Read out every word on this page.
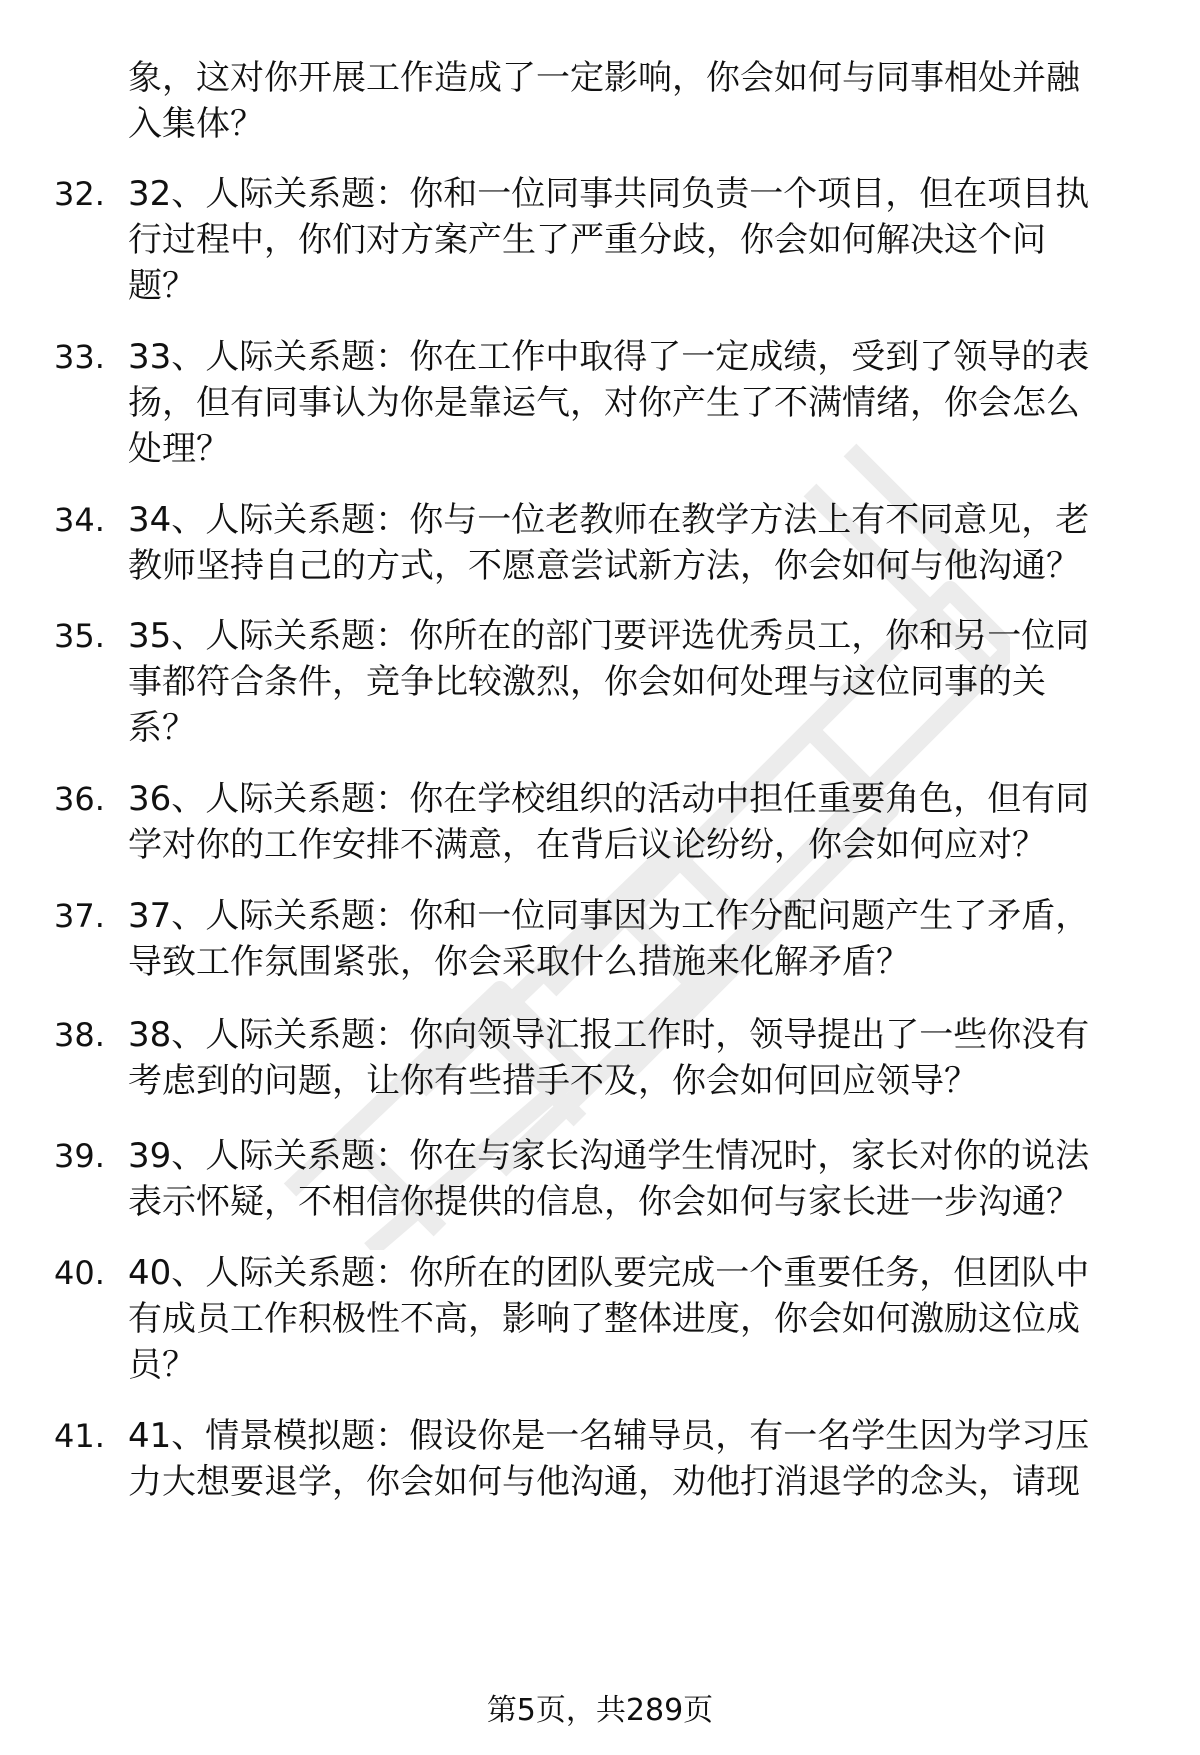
象，这对你开展工作造成了一定影响，你会如何与同事相处并融
入集体？
32. 32、人际关系题：你和一位同事共同负责一个项目，但在项目执
行过程中，你们对方案产生了严重分歧，你会如何解决这个问
题？
33. 33、人际关系题：你在工作中取得了一定成绩，受到了领导的表
扬，但有同事认为你是靠运气，对你产生了不满情绪，你会怎么
处理？
34. 34、人际关系题：你与一位老教师在教学方法上有不同意见，老
教师坚持自己的方式，不愿意尝试新方法，你会如何与他沟通？
35. 35、人际关系题：你所在的部门要评选优秀员工，你和另一位同
事都符合条件，竞争比较激烈，你会如何处理与这位同事的关
系？
36. 36、人际关系题：你在学校组织的活动中担任重要角色，但有同
学对你的工作安排不满意，在背后议论纷纷，你会如何应对？
37. 37、人际关系题：你和一位同事因为工作分配问题产生了矛盾，
导致工作氛围紧张，你会采取什么措施来化解矛盾？
38. 38、人际关系题：你向领导汇报工作时，领导提出了一些你没有
考虑到的问题，让你有些措手不及，你会如何回应领导？
39. 39、人际关系题：你在与家长沟通学生情况时，家长对你的说法
表示怀疑，不相信你提供的信息，你会如何与家长进一步沟通？
40. 40、人际关系题：你所在的团队要完成一个重要任务，但团队中
有成员工作积极性不高，影响了整体进度，你会如何激励这位成
员？
41. 41、情景模拟题：假设你是一名辅导员，有一名学生因为学习压
力大想要退学，你会如何与他沟通，劝他打消退学的念头，请现
第5页，共289页
